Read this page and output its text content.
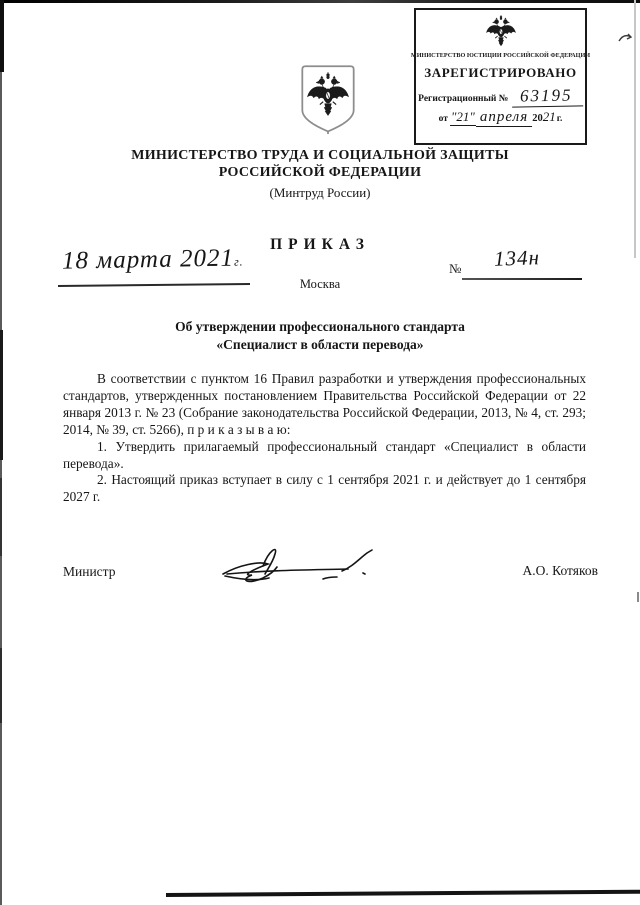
МИНИСТЕРСТВО ЮСТИЦИИ РОССИЙСКОЙ ФЕДЕРАЦИИ
ЗАРЕГИСТРИРОВАНО
Регистрационный № 63195
от "21" апреля 20 21 г.
МИНИСТЕРСТВО ТРУДА И СОЦИАЛЬНОЙ ЗАЩИТЫ
РОССИЙСКОЙ ФЕДЕРАЦИИ
(Минтруд России)
ПРИКАЗ
18 марта 2021г.
Москва
№ 134н
Об утверждении профессионального стандарта
«Специалист в области перевода»

В соответствии с пунктом 16 Правил разработки и утверждения профессиональных стандартов, утвержденных постановлением Правительства Российской Федерации от 22 января 2013 г. № 23 (Собрание законодательства Российской Федерации, 2013, № 4, ст. 293; 2014, № 39, ст. 5266), п р и к а з ы в а ю:

1. Утвердить прилагаемый профессиональный стандарт «Специалист в области перевода».

2. Настоящий приказ вступает в силу с 1 сентября 2021 г. и действует до 1 сентября 2027 г.

Министр	А.О. Котяков
